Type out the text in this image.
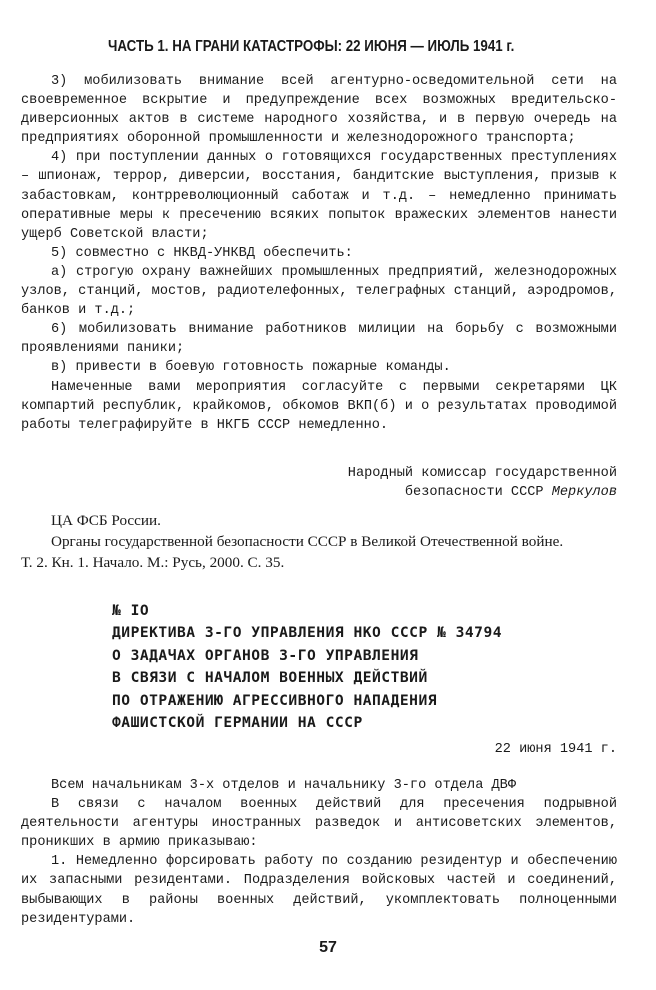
ЧАСТЬ 1. НА ГРАНИ КАТАСТРОФЫ: 22 ИЮНЯ — ИЮЛЬ 1941 г.

3) мобилизовать внимание всей агентурно-осведомительной сети на своевременное вскрытие и предупреждение всех возможных вредительско-диверсионных актов в системе народного хозяйства, и в первую очередь на предприятиях оборонной промышленности и железнодорожного транспорта;

4) при поступлении данных о готовящихся государственных преступлениях – шпионаж, террор, диверсии, восстания, бандитские выступления, призыв к забастовкам, контрреволюционный саботаж и т.д. – немедленно принимать оперативные меры к пресечению всяких попыток вражеских элементов нанести ущерб Советской власти;

5) совместно с НКВД-УНКВД обеспечить:

а) строгую охрану важнейших промышленных предприятий, железнодорожных узлов, станций, мостов, радиотелефонных, телеграфных станций, аэродромов, банков и т.д.;

6) мобилизовать внимание работников милиции на борьбу с возможными проявлениями паники;

в) привести в боевую готовность пожарные команды.

Намеченные вами мероприятия согласуйте с первыми секретарями ЦК компартий республик, крайкомов, обкомов ВКП(б) и о результатах проводимой работы телеграфируйте в НКГБ СССР немедленно.

Народный комиссар государственной
безопасности СССР Меркулов
ЦА ФСБ России.
Органы государственной безопасности СССР в Великой Отечественной войне.
Т. 2. Кн. 1. Начало. М.: Русь, 2000. С. 35.
№ IO
ДИРЕКТИВА 3-ГО УПРАВЛЕНИЯ НКО СССР № 34794
О ЗАДАЧАХ ОРГАНОВ 3-ГО УПРАВЛЕНИЯ
В СВЯЗИ С НАЧАЛОМ ВОЕННЫХ ДЕЙСТВИЙ
ПО ОТРАЖЕНИЮ АГРЕССИВНОГО НАПАДЕНИЯ
ФАШИСТСКОЙ ГЕРМАНИИ НА СССР
22 июня 1941 г.

Всем начальникам 3-х отделов и начальнику 3-го отдела ДВФ

В связи с началом военных действий для пресечения подрывной деятельности агентуры иностранных разведок и антисоветских элементов, проникших в армию приказываю:

1. Немедленно форсировать работу по созданию резидентур и обеспечению их запасными резидентами. Подразделения войсковых частей и соединений, выбывающих в районы военных действий, укомплектовать полноценными резидентурами.

57
